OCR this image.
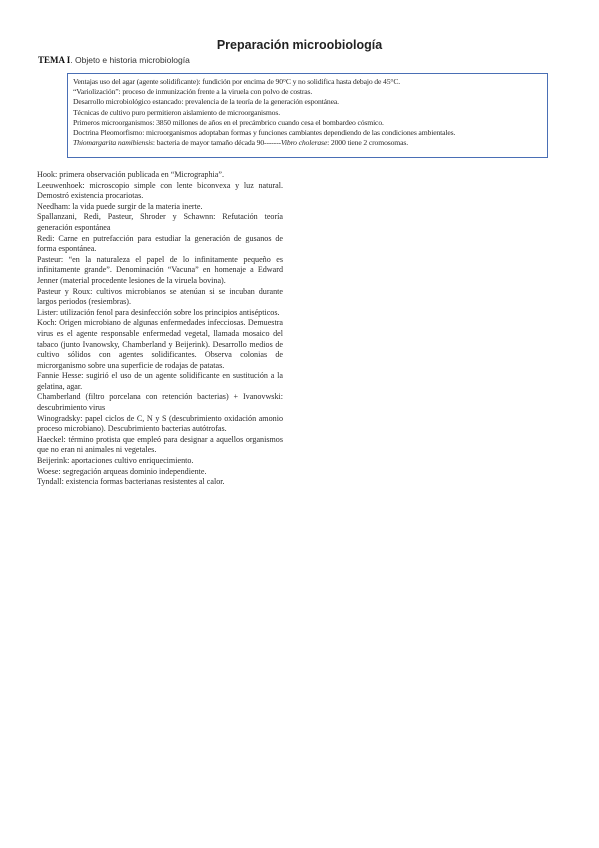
Preparación microobiología
TEMA I. Objeto e historia microbiología
Ventajas uso del agar (agente solidificante): fundición por encima de 90°C y no solidifica hasta debajo de 45°C.
“Variolización”: proceso de inmunización frente a la viruela con polvo de costras.
Desarrollo microbiológico estancado: prevalencia de la teoría de la generación espontánea.
Técnicas de cultivo puro permitieron aislamiento de microorganismos.
Primeros microorganismos: 3850 millones de años en el precámbrico cuando cesa el bombardeo cósmico.
Doctrina Pleomorfismo: microorganismos adoptaban formas y funciones cambiantes dependiendo de las condiciones ambientales.
Thiomargarita namibiensis: bacteria de mayor tamaño década 90-------Vibro cholerase: 2000 tiene 2 cromosomas.
Hook: primera observación publicada en “Micrographia”.
Leeuwenhoek: microscopio simple con lente biconvexa y luz natural. Demostró existencia procariotas.
Needham: la vida puede surgir de la materia inerte.
Spallanzani, Redi, Pasteur, Shroder y Schawnn: Refutación teoría generación espontánea
Redi: Carne en putrefacción para estudiar la generación de gusanos de forma espontánea.
Pasteur: “en la naturaleza el papel de lo infinitamente pequeño es infinitamente grande”. Denominación “Vacuna” en homenaje a Edward Jenner (material procedente lesiones de la viruela bovina).
Pasteur y Roux: cultivos microbianos se atenúan si se incuban durante largos periodos (resiembras).
Lister: utilización fenol para desinfección sobre los principios antisépticos.
Koch: Origen microbiano de algunas enfermedades infecciosas. Demuestra virus es el agente responsable enfermedad vegetal, llamada mosaico del tabaco (junto Ivanowsky, Chamberland y Beijerink). Desarrollo medios de cultivo sólidos con agentes solidificantes. Observa colonias de microrganismo sobre una superficie de rodajas de patatas.
Fannie Hesse: sugirió el uso de un agente solidificante en sustitución a la gelatina, agar.
Chamberland (filtro porcelana con retención bacterias) + Ivanovwski: descubrimiento virus
Winogradsky: papel ciclos de C, N y S (descubrimiento oxidación amonio proceso microbiano). Descubrimiento bacterias autótrofas.
Haeckel: término protista que empleó para designar a aquellos organismos que no eran ni animales ni vegetales.
Beijerink: aportaciones cultivo enriquecimiento.
Woese: segregación arqueas dominio independiente.
Tyndall: existencia formas bacterianas resistentes al calor.
